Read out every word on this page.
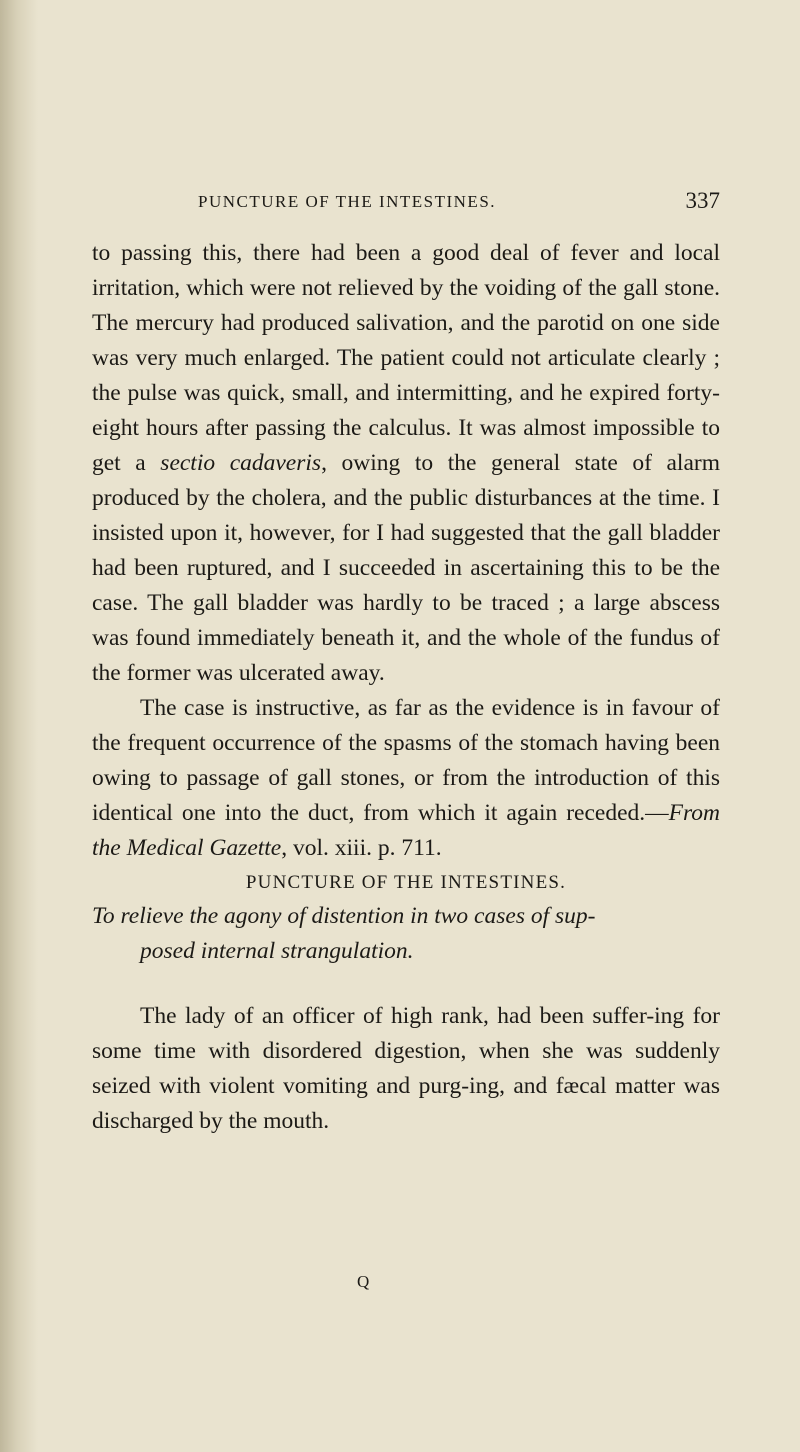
PUNCTURE OF THE INTESTINES.	337

to passing this, there had been a good deal of fever and local irritation, which were not relieved by the voiding of the gall stone. The mercury had produced salivation, and the parotid on one side was very much enlarged. The patient could not articulate clearly ; the pulse was quick, small, and intermitting, and he expired forty-eight hours after passing the calculus. It was almost impossible to get a sectio cadaveris, owing to the general state of alarm produced by the cholera, and the public disturbances at the time. I insisted upon it, however, for I had suggested that the gall bladder had been ruptured, and I succeeded in ascertaining this to be the case. The gall bladder was hardly to be traced ; a large abscess was found immediately beneath it, and the whole of the fundus of the former was ulcerated away.

The case is instructive, as far as the evidence is in favour of the frequent occurrence of the spasms of the stomach having been owing to passage of gall stones, or from the introduction of this identical one into the duct, from which it again receded.—From the Medical Gazette, vol. xiii. p. 711.

PUNCTURE OF THE INTESTINES.

To relieve the agony of distention in two cases of sup-
posed internal strangulation.

The lady of an officer of high rank, had been suffer-ing for some time with disordered digestion, when she was suddenly seized with violent vomiting and purg-ing, and fæcal matter was discharged by the mouth.

Q
